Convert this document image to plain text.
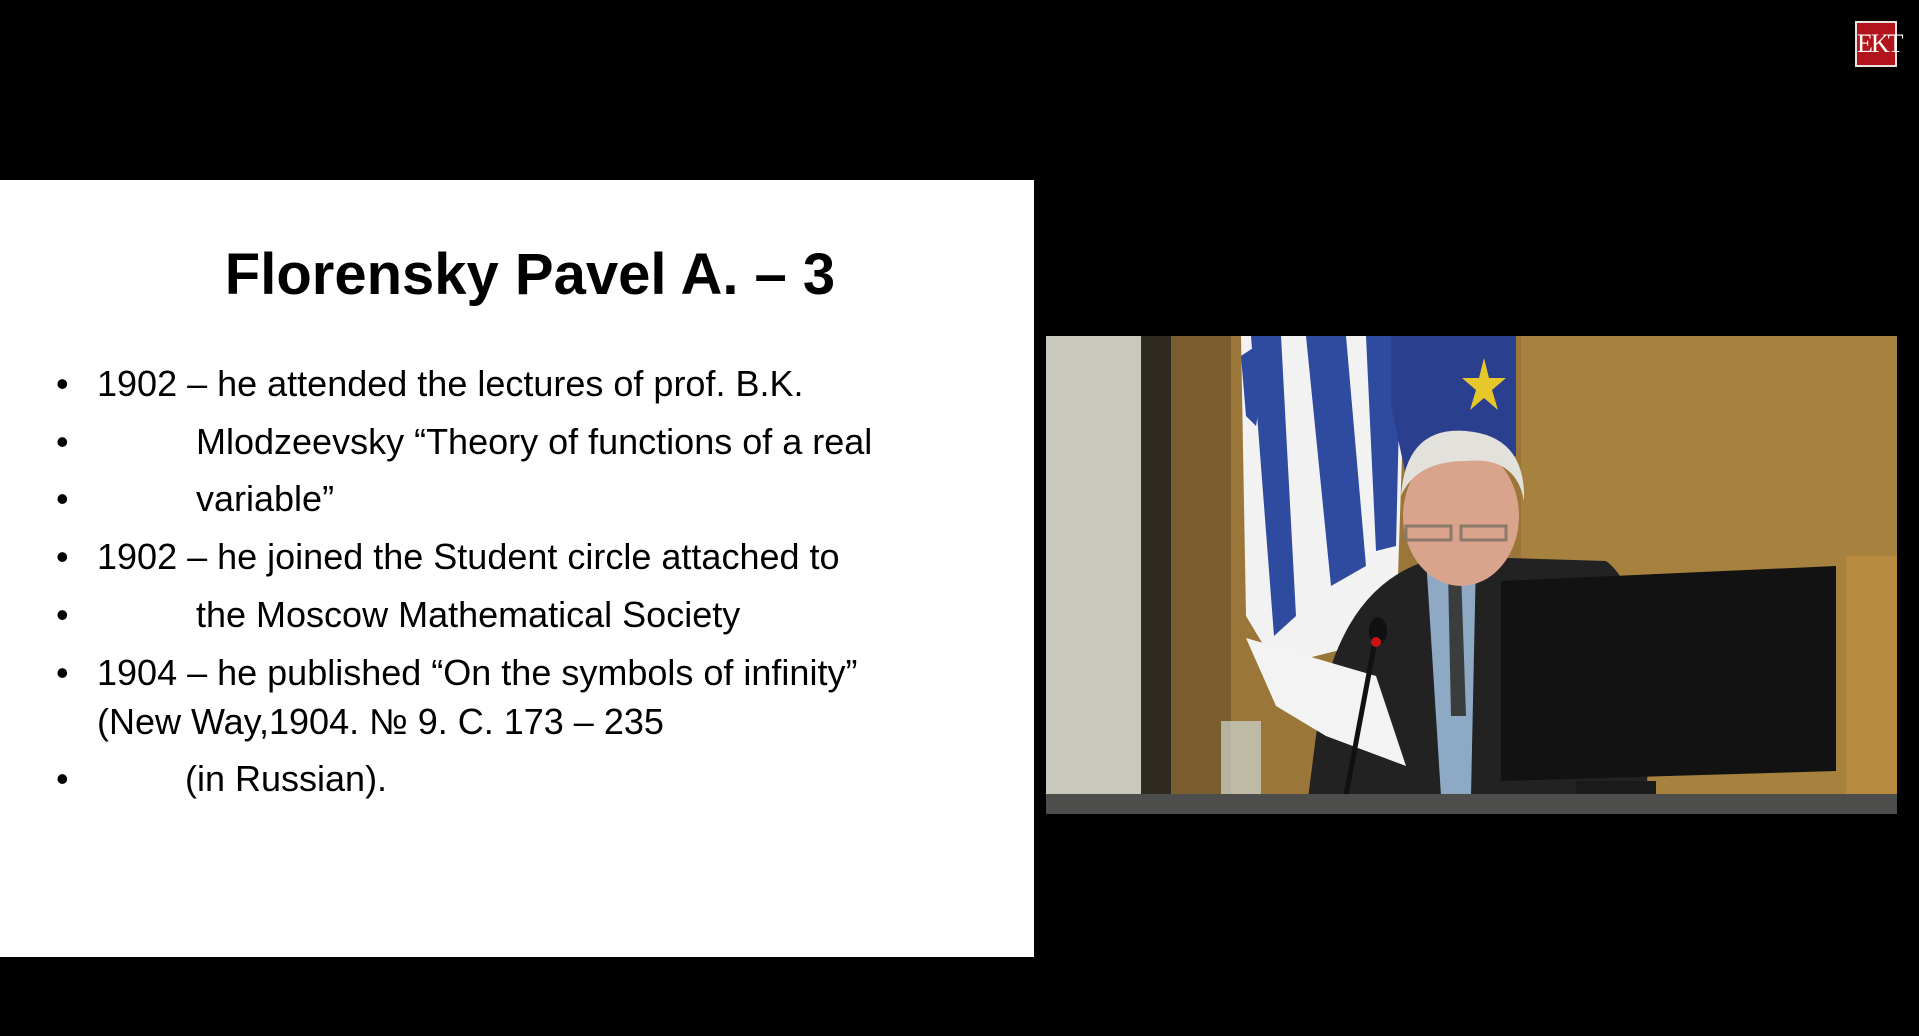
EKT
Florensky Pavel A. – 3
• 1902 – he attended the lectures of prof. B.K.
•	Mlodzeevsky “Theory of functions of a real
•	variable”
• 1902 – he joined the Student circle attached to
•	the Moscow Mathematical Society
• 1904 – he published “On the symbols of infinity”
(New Way,1904. № 9. С. 173 – 235
•	(in Russian).
